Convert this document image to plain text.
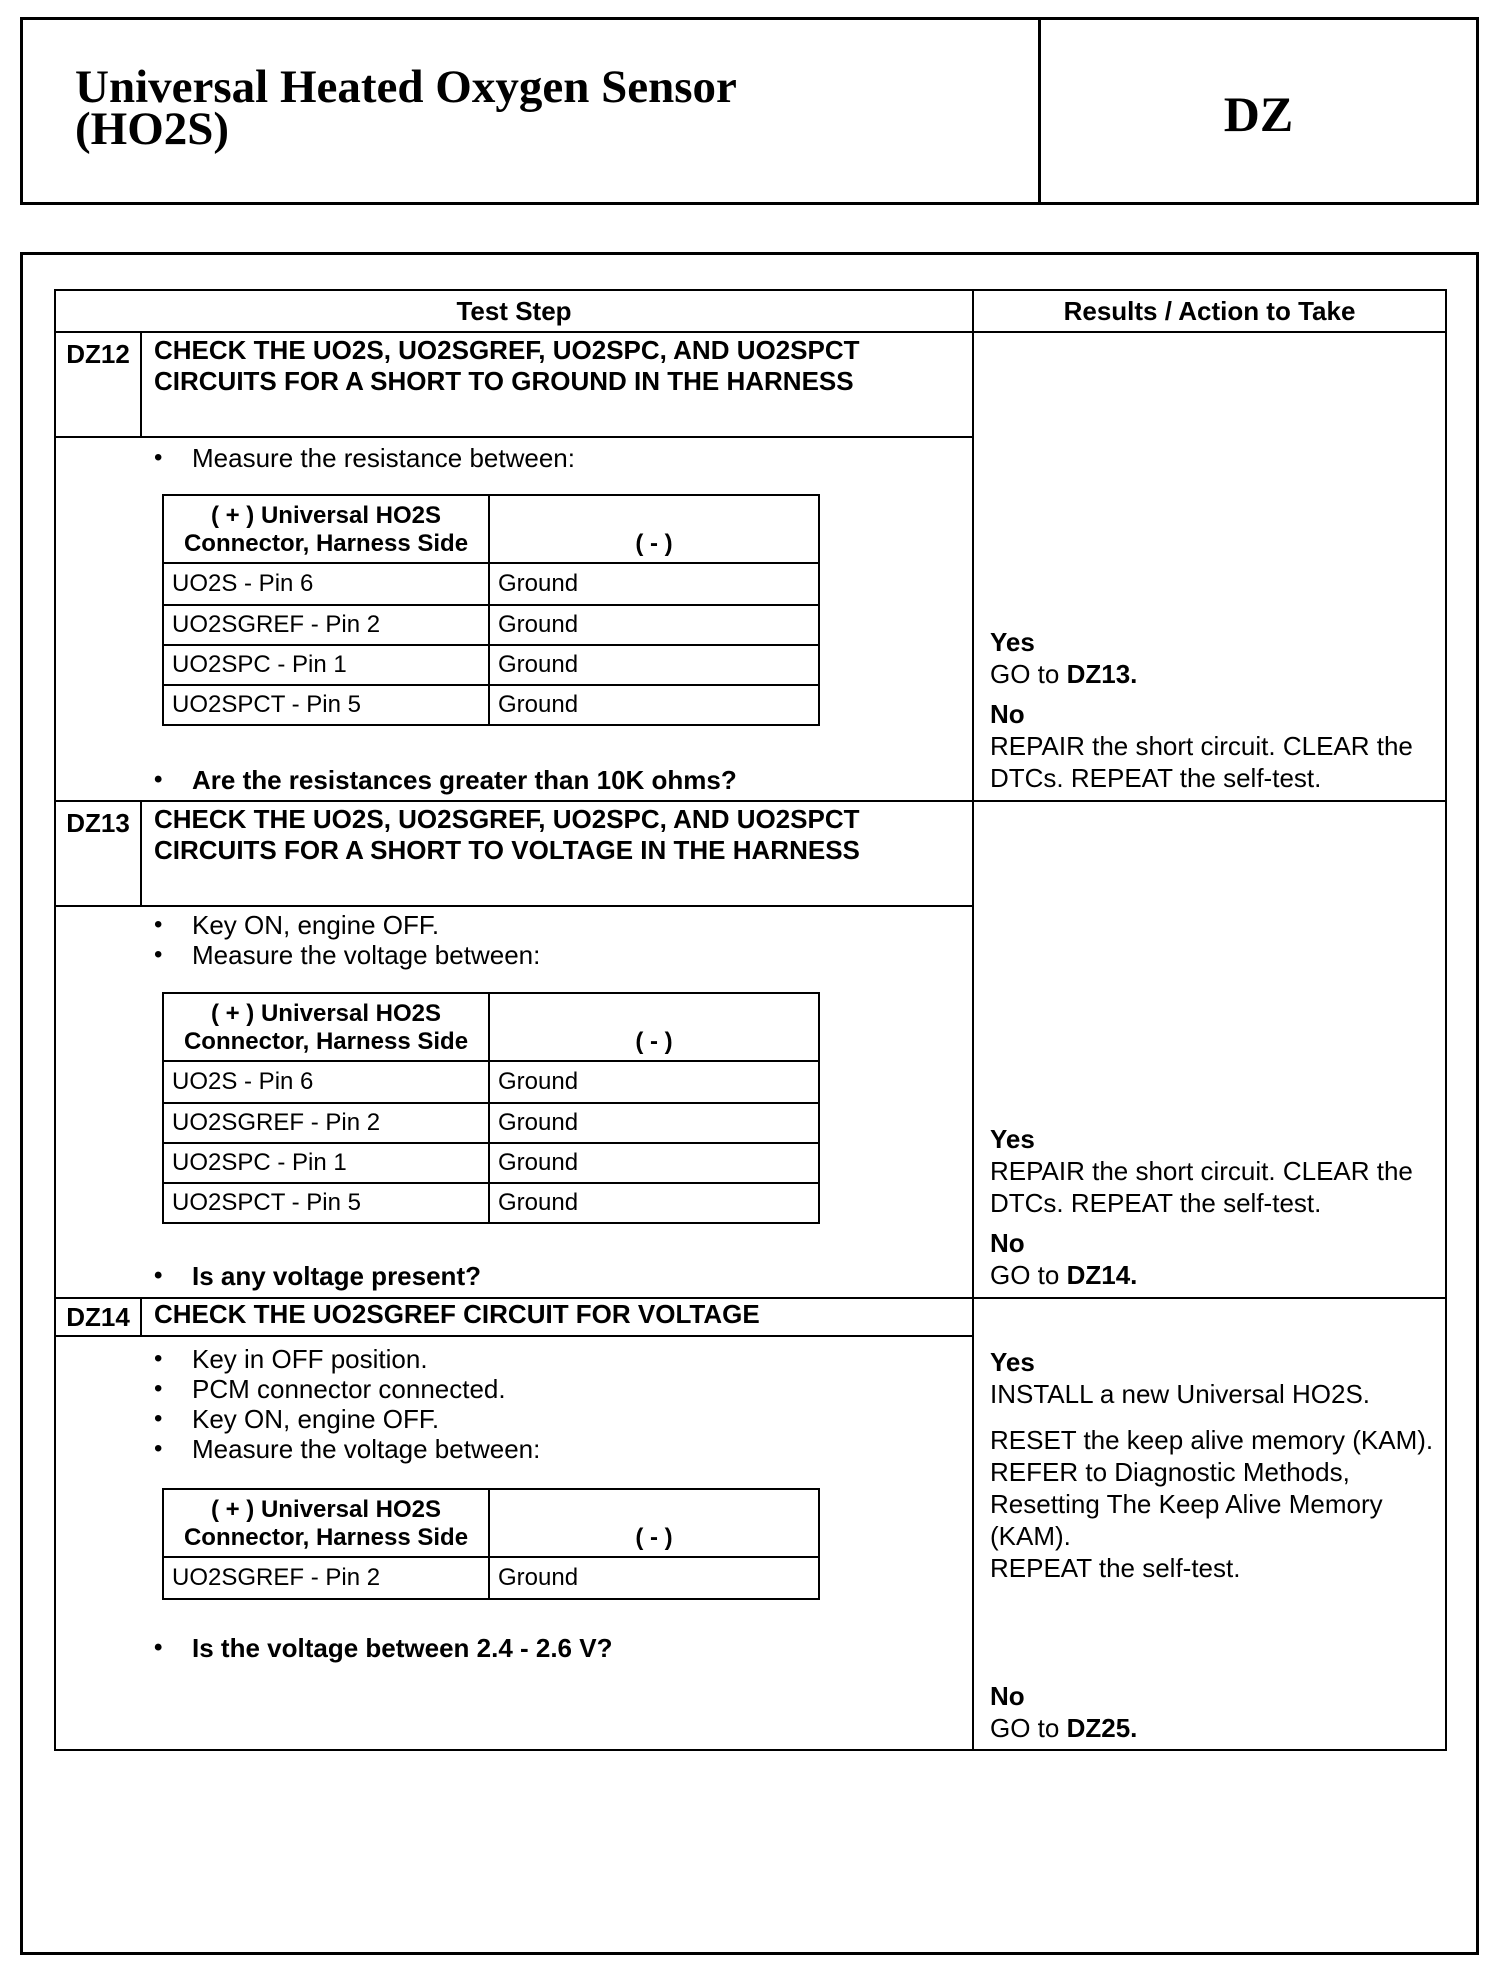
Universal Heated Oxygen Sensor
(HO2S)	DZ
Test Step	Results / Action to Take
DZ12 CHECK THE UO2S, UO2SGREF, UO2SPC, AND UO2SPCT CIRCUITS FOR A SHORT TO GROUND IN THE HARNESS
• Measure the resistance between:
( + ) Universal HO2S Connector, Harness Side	( - )
UO2S - Pin 6	Ground
UO2SGREF - Pin 2	Ground
UO2SPC - Pin 1	Ground
UO2SPCT - Pin 5	Ground
• Are the resistances greater than 10K ohms?
Yes
GO to DZ13.
No
REPAIR the short circuit. CLEAR the DTCs. REPEAT the self-test.
DZ13 CHECK THE UO2S, UO2SGREF, UO2SPC, AND UO2SPCT CIRCUITS FOR A SHORT TO VOLTAGE IN THE HARNESS
• Key ON, engine OFF.
• Measure the voltage between:
( + ) Universal HO2S Connector, Harness Side	( - )
UO2S - Pin 6	Ground
UO2SGREF - Pin 2	Ground
UO2SPC - Pin 1	Ground
UO2SPCT - Pin 5	Ground
• Is any voltage present?
Yes
REPAIR the short circuit. CLEAR the DTCs. REPEAT the self-test.
No
GO to DZ14.
DZ14 CHECK THE UO2SGREF CIRCUIT FOR VOLTAGE
• Key in OFF position.
• PCM connector connected.
• Key ON, engine OFF.
• Measure the voltage between:
( + ) Universal HO2S Connector, Harness Side	( - )
UO2SGREF - Pin 2	Ground
• Is the voltage between 2.4 - 2.6 V?
Yes
INSTALL a new Universal HO2S.
RESET the keep alive memory (KAM). REFER to Diagnostic Methods, Resetting The Keep Alive Memory (KAM).
REPEAT the self-test.
No
GO to DZ25.
